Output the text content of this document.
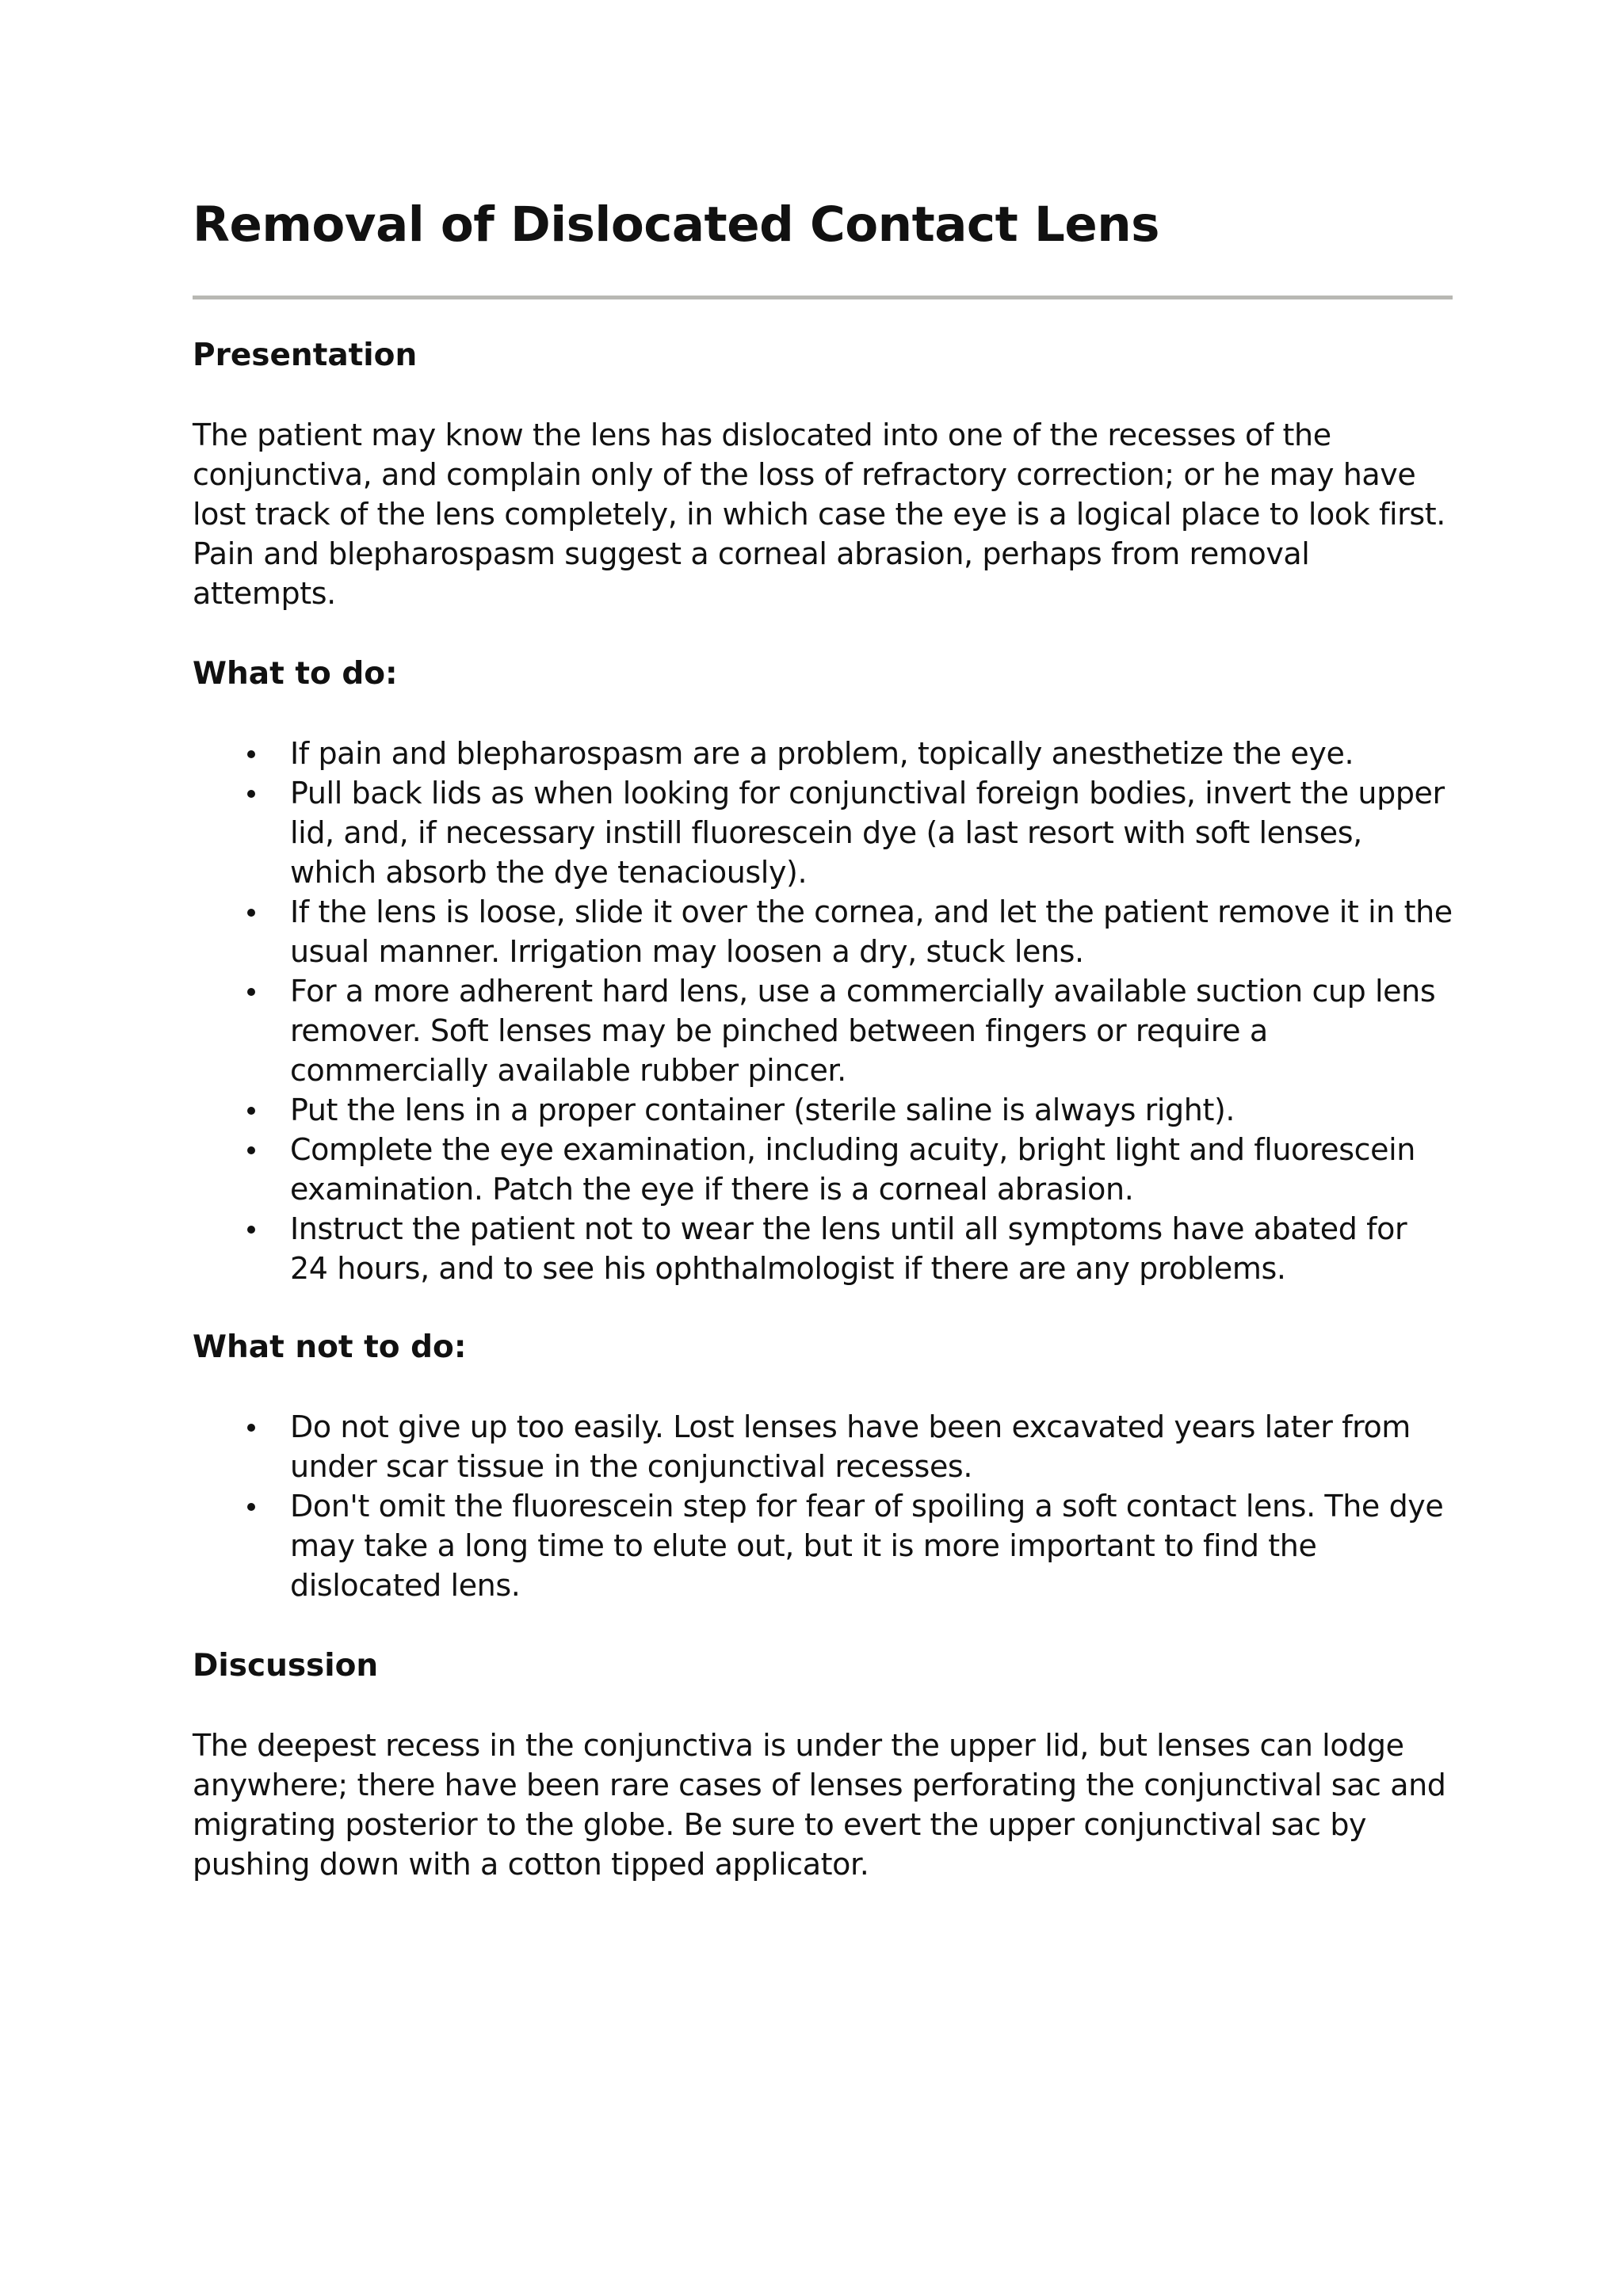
Removal of Dislocated Contact Lens
Presentation

The patient may know the lens has dislocated into one of the recesses of the conjunctiva, and complain only of the loss of refractory correction; or he may have lost track of the lens completely, in which case the eye is a logical place to look first. Pain and blepharospasm suggest a corneal abrasion, perhaps from removal attempts.

What to do:
If pain and blepharospasm are a problem, topically anesthetize the eye.
Pull back lids as when looking for conjunctival foreign bodies, invert the upper lid, and, if necessary instill fluorescein dye (a last resort with soft lenses, which absorb the dye tenaciously).
If the lens is loose, slide it over the cornea, and let the patient remove it in the usual manner. Irrigation may loosen a dry, stuck lens.
For a more adherent hard lens, use a commercially available suction cup lens remover. Soft lenses may be pinched between fingers or require a commercially available rubber pincer.
Put the lens in a proper container (sterile saline is always right).
Complete the eye examination, including acuity, bright light and fluorescein examination. Patch the eye if there is a corneal abrasion.
Instruct the patient not to wear the lens until all symptoms have abated for 24 hours, and to see his ophthalmologist if there are any problems.
What not to do:
Do not give up too easily. Lost lenses have been excavated years later from under scar tissue in the conjunctival recesses.
Don't omit the fluorescein step for fear of spoiling a soft contact lens. The dye may take a long time to elute out, but it is more important to find the dislocated lens.
Discussion

The deepest recess in the conjunctiva is under the upper lid, but lenses can lodge anywhere; there have been rare cases of lenses perforating the conjunctival sac and migrating posterior to the globe. Be sure to evert the upper conjunctival sac by pushing down with a cotton tipped applicator.
